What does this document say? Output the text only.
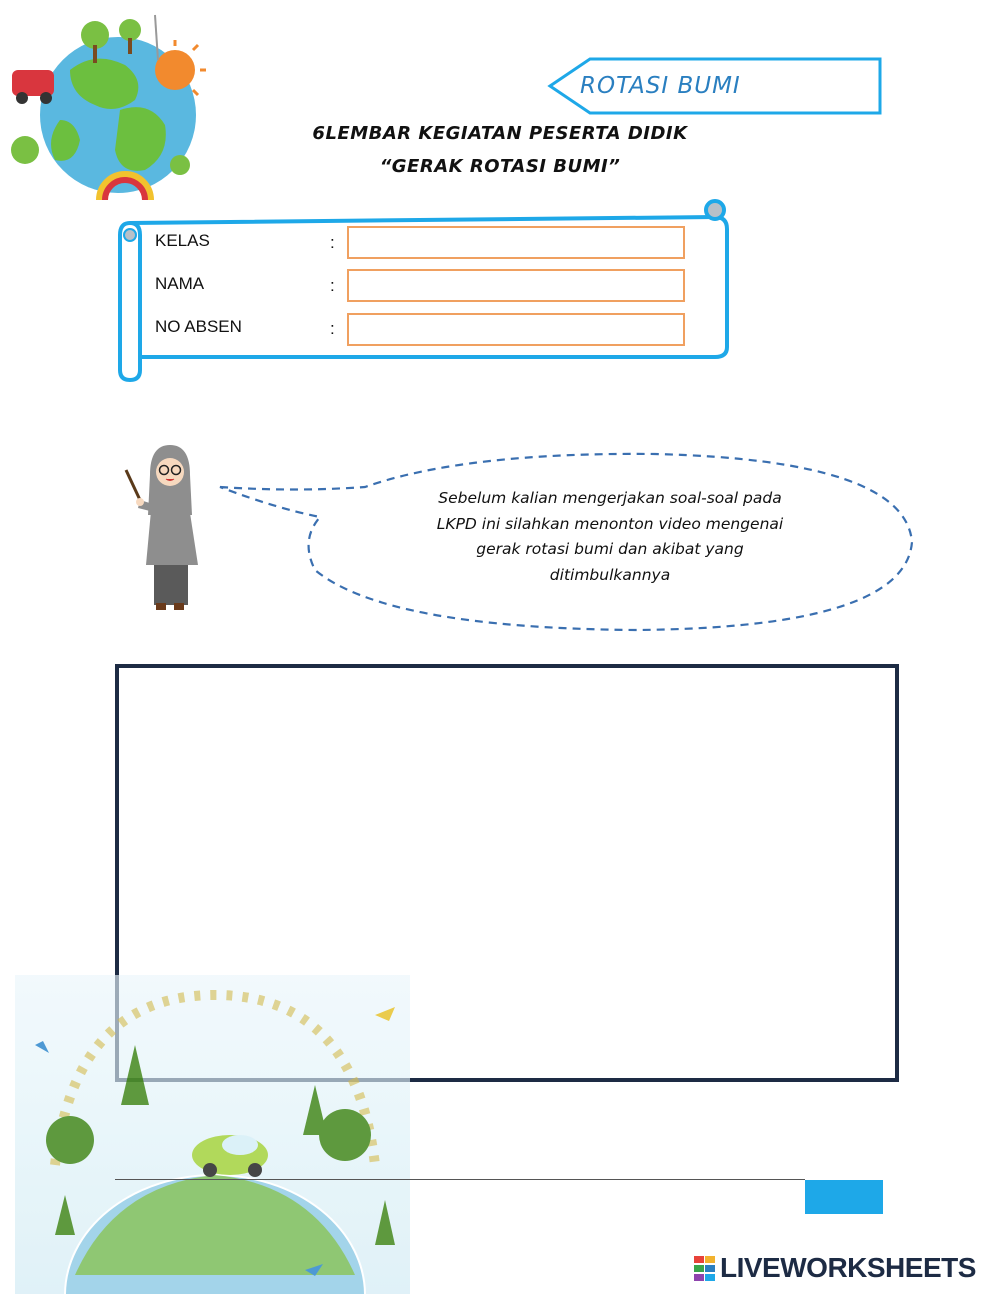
ROTASI BUMI
6LEMBAR KEGIATAN PESERTA DIDIK
“GERAK ROTASI BUMI”
KELAS	:
NAMA	:
NO ABSEN	:
Sebelum kalian mengerjakan soal-soal pada LKPD ini silahkan menonton video mengenai gerak rotasi bumi dan akibat yang ditimbulkannya
LIVEWORKSHEETS
